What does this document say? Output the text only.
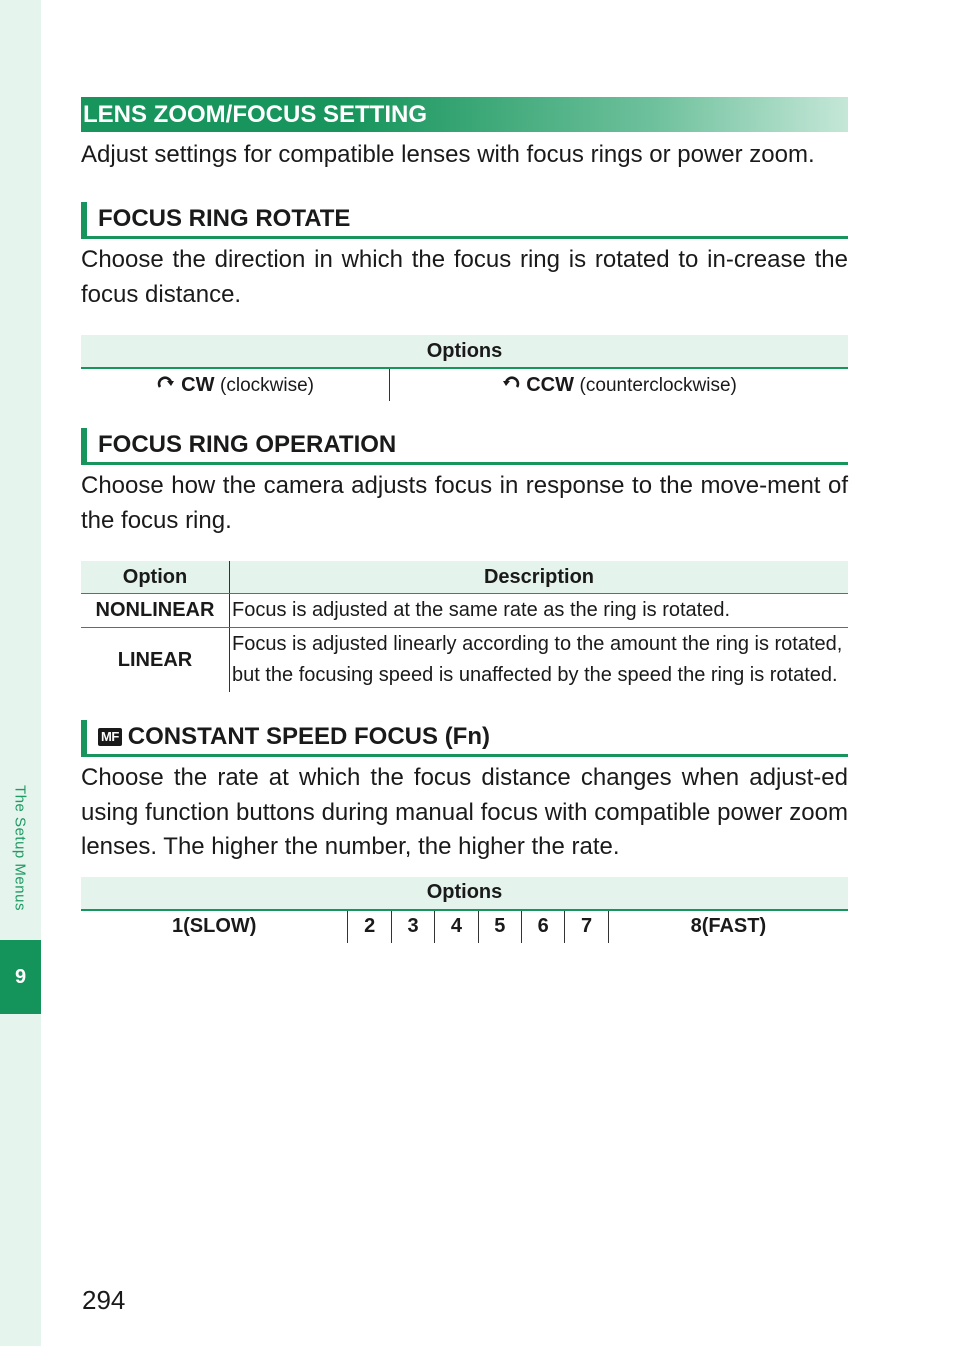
The Setup Menus
9
LENS ZOOM/FOCUS SETTING
Adjust settings for compatible lenses with focus rings or power zoom.
FOCUS RING ROTATE
Choose the direction in which the focus ring is rotated to in-crease the focus distance.
Options
CW (clockwise)	CCW (counterclockwise)
FOCUS RING OPERATION
Choose how the camera adjusts focus in response to the move-ment of the focus ring.
Option	Description
NONLINEAR	Focus is adjusted at the same rate as the ring is rotated.
LINEAR	Focus is adjusted linearly according to the amount the ring is rotated,
but the focusing speed is unaffected by the speed the ring is rotated.
MF CONSTANT SPEED FOCUS (Fn)
Choose the rate at which the focus distance changes when adjust-ed using function buttons during manual focus with compatible power zoom lenses. The higher the number, the higher the rate.
Options
1(SLOW)	2	3	4	5	6	7	8(FAST)
294
